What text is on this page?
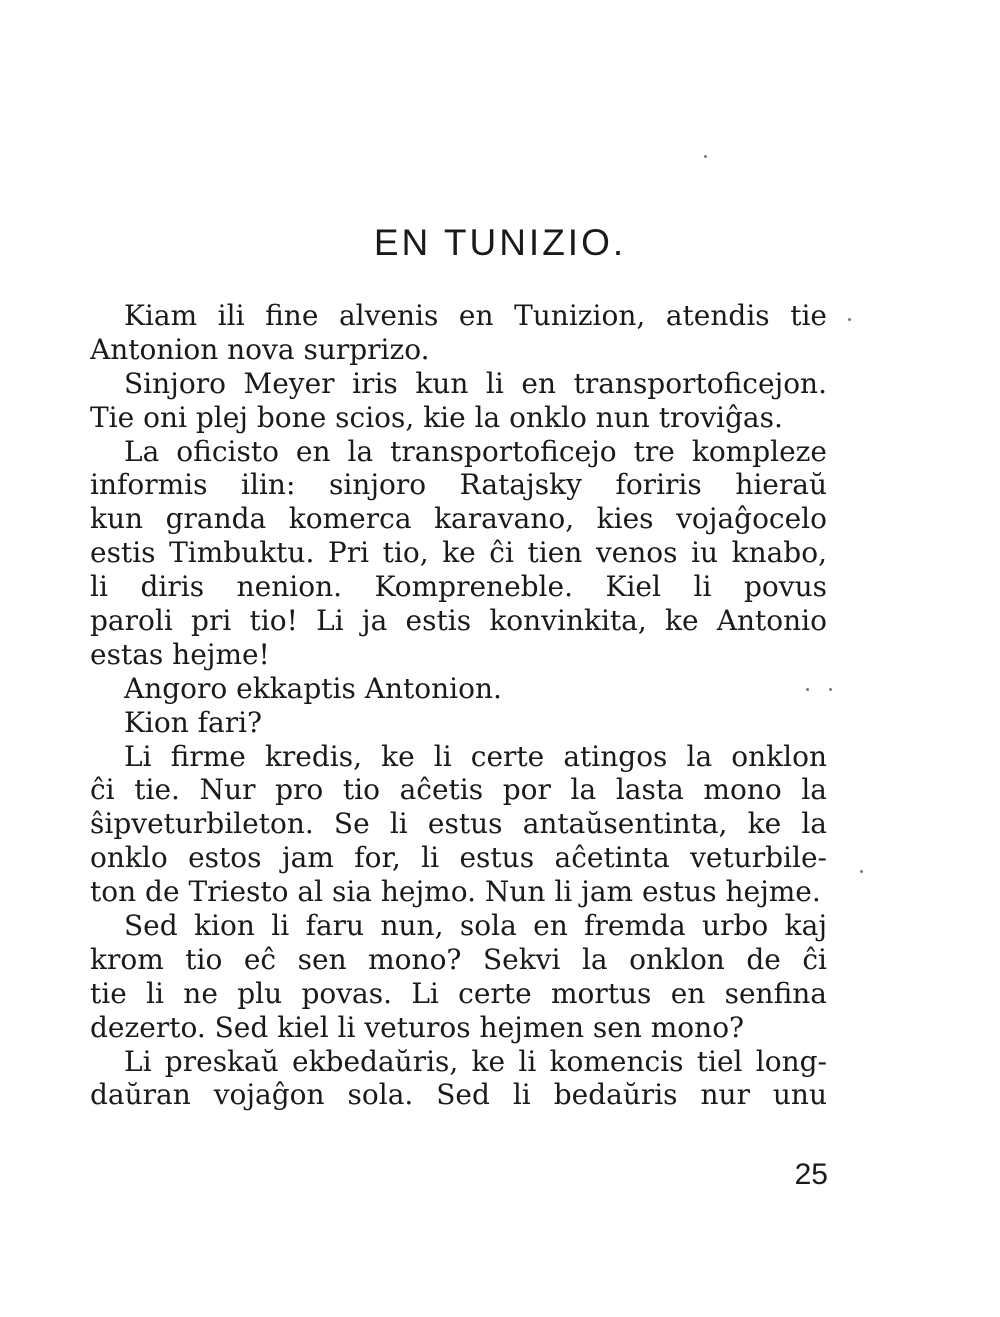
EN TUNIZIO.
Kiam ili fine alvenis en Tunizion, atendis tie
Antonion nova surprizo.
Sinjoro Meyer iris kun li en transportoficejon.
Tie oni plej bone scios, kie la onklo nun troviĝas.
La oficisto en la transportoficejo tre kompleze
informis ilin: sinjoro Ratajsky foriris hieraŭ
kun granda komerca karavano, kies vojaĝocelo
estis Timbuktu. Pri tio, ke ĉi tien venos iu knabo,
li diris nenion. Kompreneble. Kiel li povus
paroli pri tio! Li ja estis konvinkita, ke Antonio
estas hejme!
Angoro ekkaptis Antonion.
Kion fari?
Li firme kredis, ke li certe atingos la onklon
ĉi tie. Nur pro tio aĉetis por la lasta mono la
ŝipveturbileton. Se li estus antaŭsentinta, ke la
onklo estos jam for, li estus aĉetinta veturbile-
ton de Triesto al sia hejmo. Nun li jam estus hejme.
Sed kion li faru nun, sola en fremda urbo kaj
krom tio eĉ sen mono? Sekvi la onklon de ĉi
tie li ne plu povas. Li certe mortus en senfina
dezerto. Sed kiel li veturos hejmen sen mono?
Li preskaŭ ekbedaŭris, ke li komencis tiel long-
daŭran vojaĝon sola. Sed li bedaŭris nur unu

25
